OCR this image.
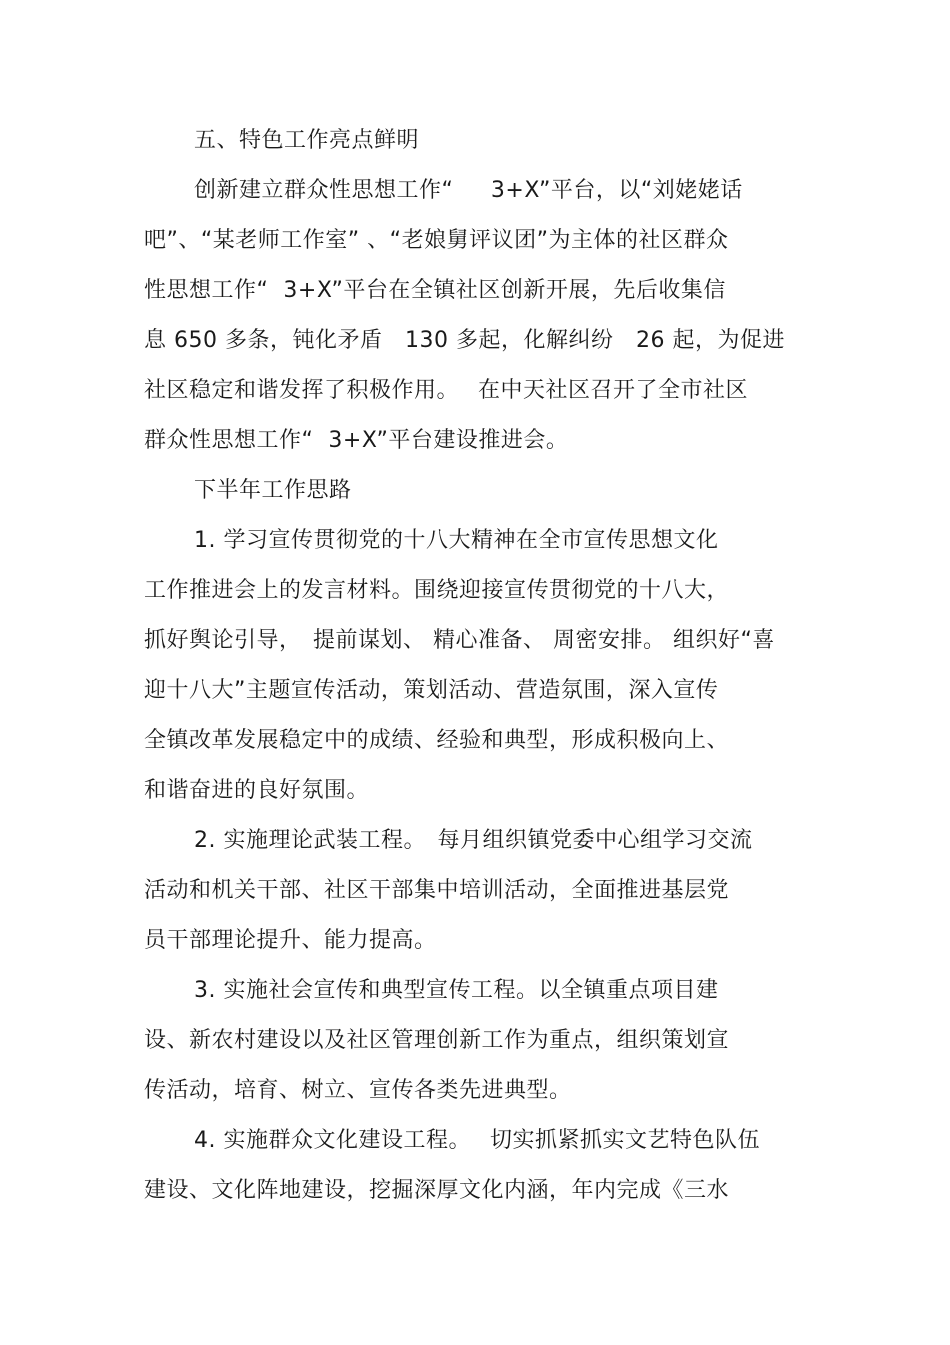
五、特色工作亮点鲜明
创新建立群众性思想工作“　  3+X”平台，以“刘姥姥话
吧”、“某老师工作室” 、“老娘舅评议团”为主体的社区群众
性思想工作“  3+X”平台在全镇社区创新开展，先后收集信
息 650 多条，钝化矛盾　130 多起，化解纠纷　26 起，为促进
社区稳定和谐发挥了积极作用。　 在中天社区召开了全市社区
群众性思想工作“  3+X”平台建设推进会。
下半年工作思路
1. 学习宣传贯彻党的十八大精神在全市宣传思想文化
工作推进会上的发言材料。围绕迎接宣传贯彻党的十八大，
抓好舆论引导，　提前谋划、 精心准备、 周密安排。 组织好“喜
迎十八大”主题宣传活动，策划活动、营造氛围，深入宣传
全镇改革发展稳定中的成绩、经验和典型，形成积极向上、
和谐奋进的良好氛围。
2. 实施理论武装工程。　每月组织镇党委中心组学习交流
活动和机关干部、社区干部集中培训活动，全面推进基层党
员干部理论提升、能力提高。
3. 实施社会宣传和典型宣传工程。以全镇重点项目建
设、新农村建设以及社区管理创新工作为重点，组织策划宣
传活动，培育、树立、宣传各类先进典型。
4. 实施群众文化建设工程。　 切实抓紧抓实文艺特色队伍
建设、文化阵地建设，挖掘深厚文化内涵，年内完成《三水
